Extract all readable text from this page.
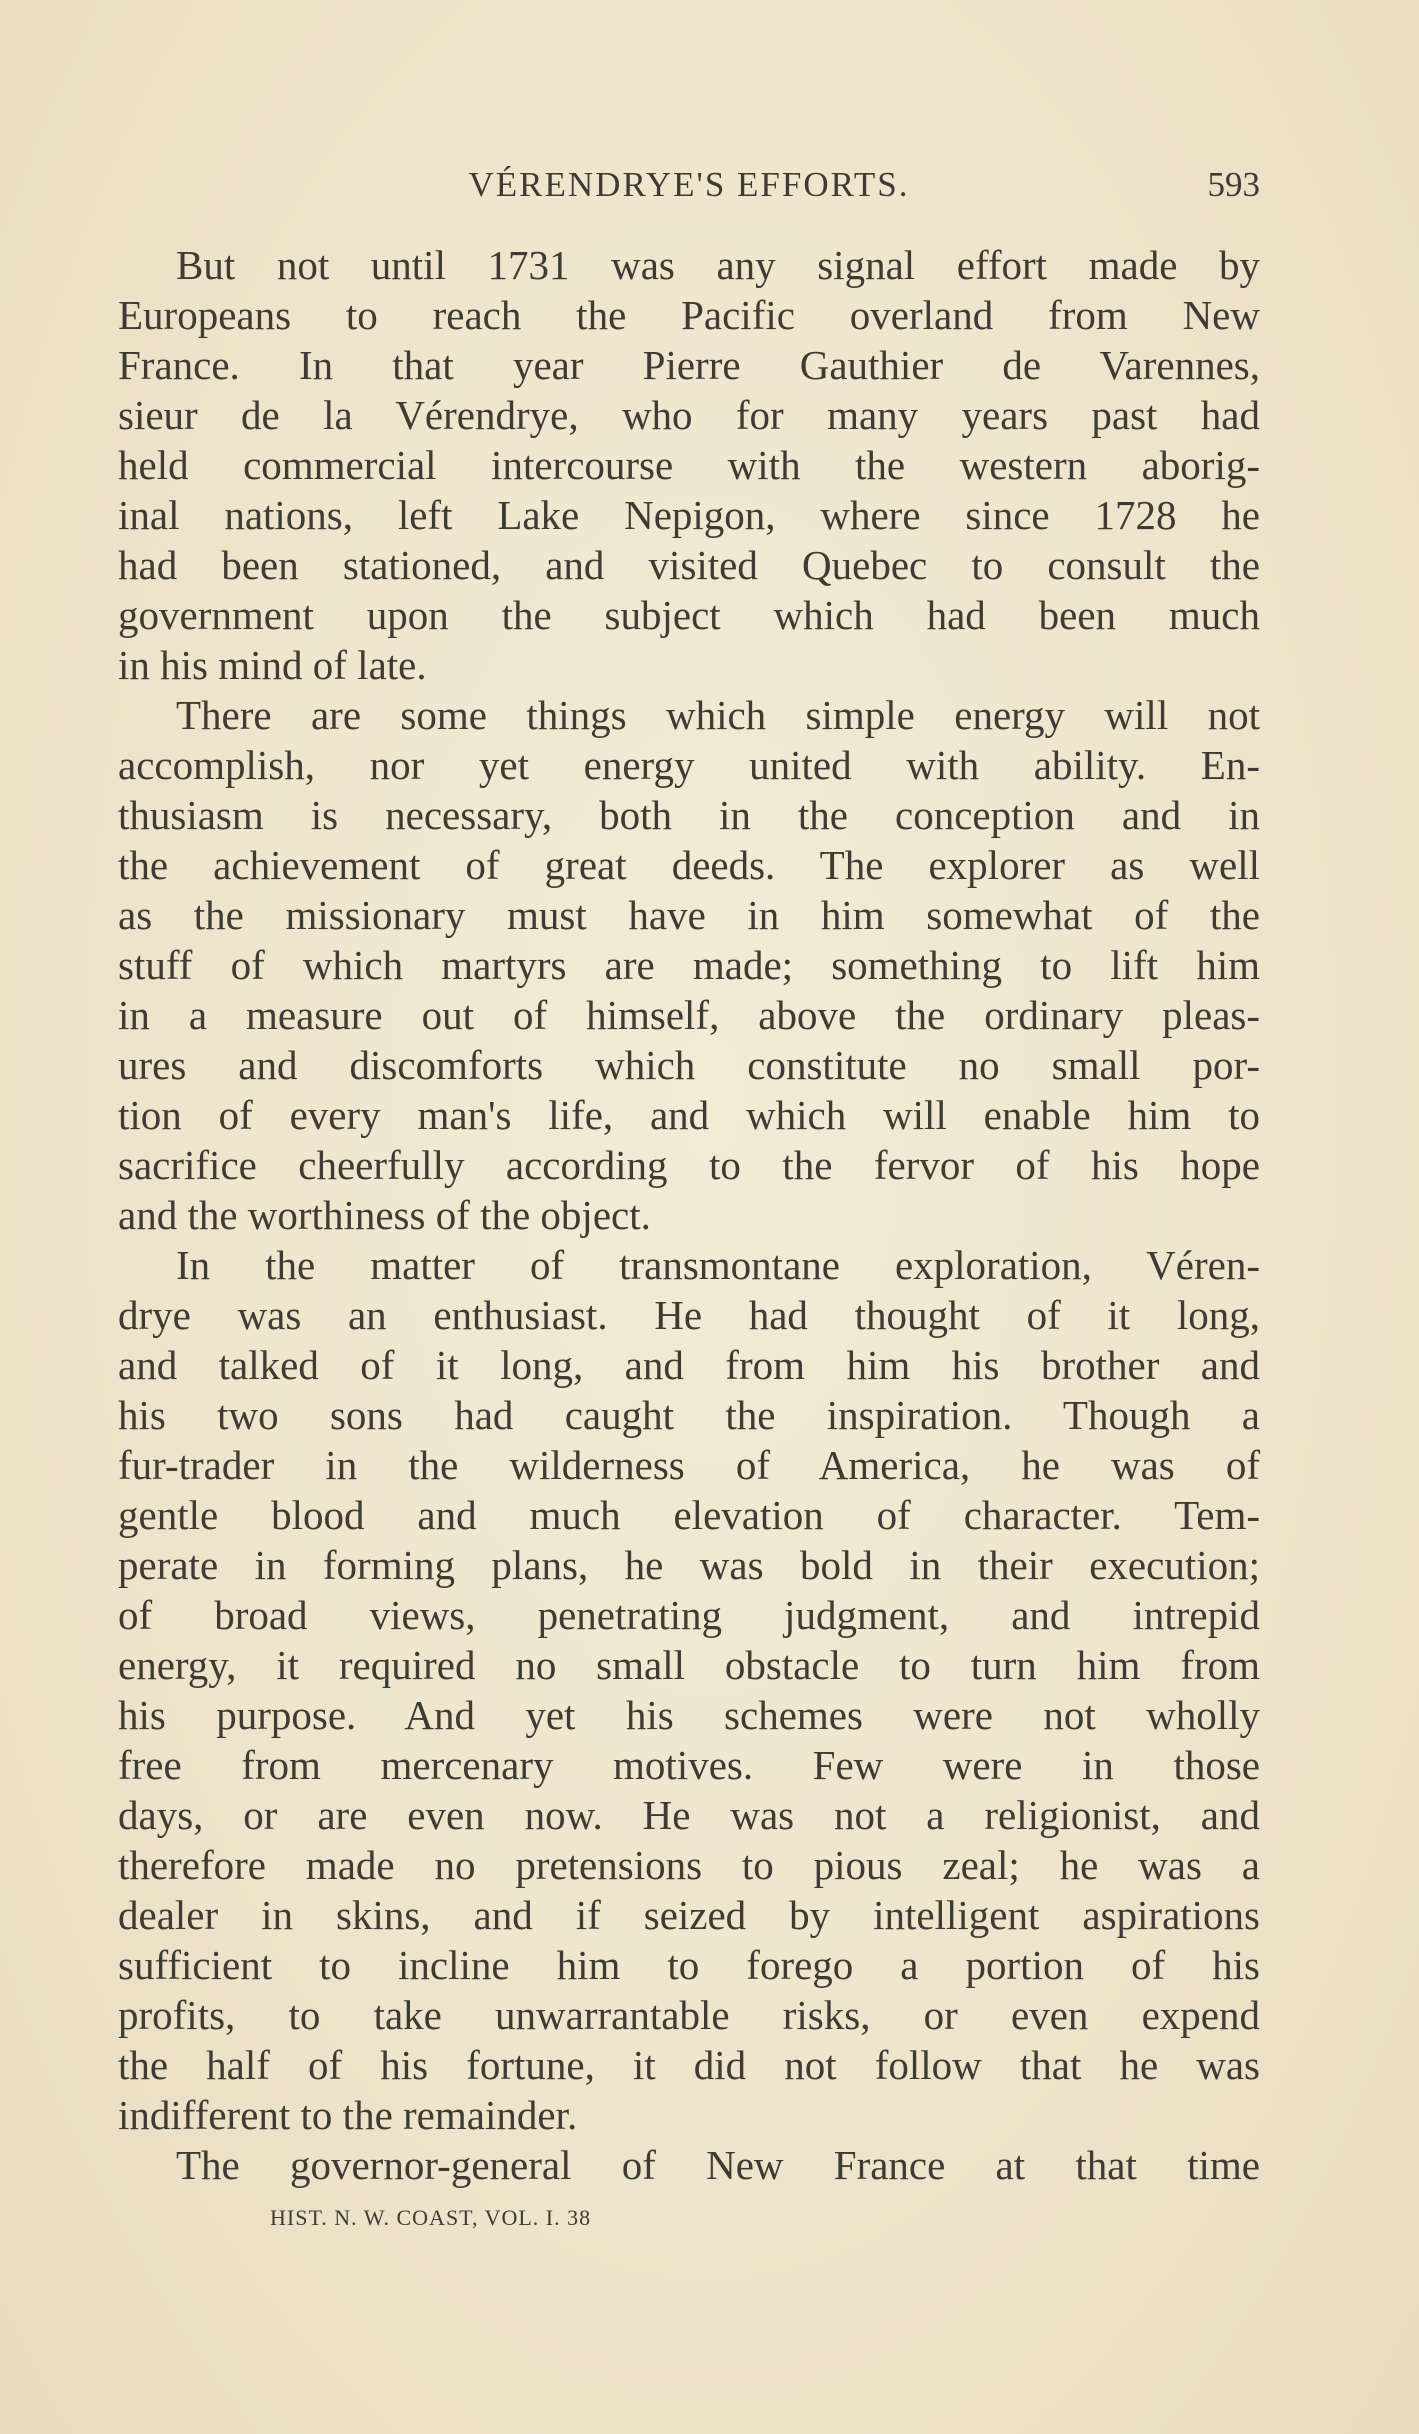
VÉRENDRYE'S EFFORTS.	593
But not until 1731 was any signal effort made by
Europeans to reach the Pacific overland from New
France. In that year Pierre Gauthier de Varennes,
sieur de la Vérendrye, who for many years past had
held commercial intercourse with the western aborig-
inal nations, left Lake Nepigon, where since 1728 he
had been stationed, and visited Quebec to consult the
government upon the subject which had been much
in his mind of late.
There are some things which simple energy will not
accomplish, nor yet energy united with ability. En-
thusiasm is necessary, both in the conception and in
the achievement of great deeds. The explorer as well
as the missionary must have in him somewhat of the
stuff of which martyrs are made; something to lift him
in a measure out of himself, above the ordinary pleas-
ures and discomforts which constitute no small por-
tion of every man's life, and which will enable him to
sacrifice cheerfully according to the fervor of his hope
and the worthiness of the object.
In the matter of transmontane exploration, Véren-
drye was an enthusiast. He had thought of it long,
and talked of it long, and from him his brother and
his two sons had caught the inspiration. Though a
fur-trader in the wilderness of America, he was of
gentle blood and much elevation of character. Tem-
perate in forming plans, he was bold in their execution;
of broad views, penetrating judgment, and intrepid
energy, it required no small obstacle to turn him from
his purpose. And yet his schemes were not wholly
free from mercenary motives. Few were in those
days, or are even now. He was not a religionist, and
therefore made no pretensions to pious zeal; he was a
dealer in skins, and if seized by intelligent aspirations
sufficient to incline him to forego a portion of his
profits, to take unwarrantable risks, or even expend
the half of his fortune, it did not follow that he was
indifferent to the remainder.
The governor-general of New France at that time
HIST. N. W. COAST, VOL. I. 38
